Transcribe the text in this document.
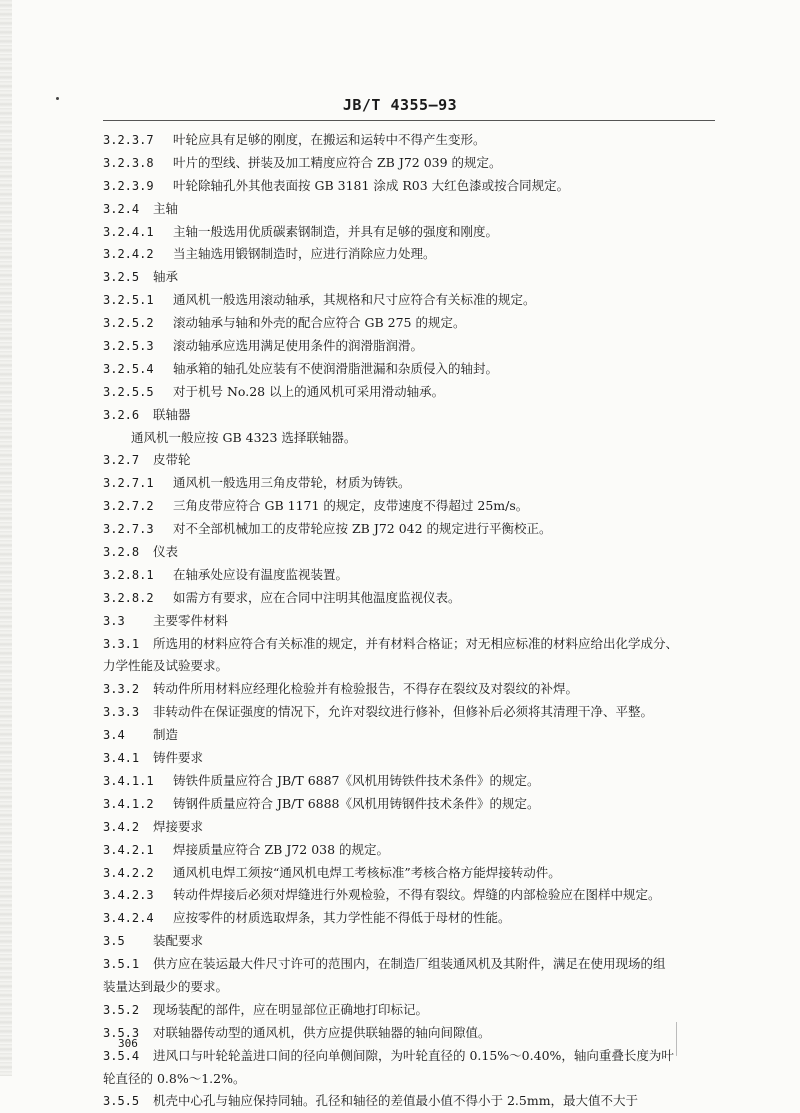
JB/T 4355—93
3.2.3.7 叶轮应具有足够的刚度，在搬运和运转中不得产生变形。
3.2.3.8 叶片的型线、拼装及加工精度应符合 ZB J72 039 的规定。
3.2.3.9 叶轮除轴孔外其他表面按 GB 3181 涂成 R03 大红色漆或按合同规定。
3.2.4 主轴
3.2.4.1 主轴一般选用优质碳素钢制造，并具有足够的强度和刚度。
3.2.4.2 当主轴选用锻钢制造时，应进行消除应力处理。
3.2.5 轴承
3.2.5.1 通风机一般选用滚动轴承，其规格和尺寸应符合有关标准的规定。
3.2.5.2 滚动轴承与轴和外壳的配合应符合 GB 275 的规定。
3.2.5.3 滚动轴承应选用满足使用条件的润滑脂润滑。
3.2.5.4 轴承箱的轴孔处应装有不使润滑脂泄漏和杂质侵入的轴封。
3.2.5.5 对于机号 No.28 以上的通风机可采用滑动轴承。
3.2.6 联轴器
通风机一般应按 GB 4323 选择联轴器。
3.2.7 皮带轮
3.2.7.1 通风机一般选用三角皮带轮，材质为铸铁。
3.2.7.2 三角皮带应符合 GB 1171 的规定，皮带速度不得超过 25m/s。
3.2.7.3 对不全部机械加工的皮带轮应按 ZB J72 042 的规定进行平衡校正。
3.2.8 仪表
3.2.8.1 在轴承处应设有温度监视装置。
3.2.8.2 如需方有要求，应在合同中注明其他温度监视仪表。
3.3 主要零件材料
3.3.1 所选用的材料应符合有关标准的规定，并有材料合格证；对无相应标准的材料应给出化学成分、
力学性能及试验要求。
3.3.2 转动件所用材料应经理化检验并有检验报告，不得存在裂纹及对裂纹的补焊。
3.3.3 非转动件在保证强度的情况下，允许对裂纹进行修补，但修补后必须将其清理干净、平整。
3.4 制造
3.4.1 铸件要求
3.4.1.1 铸铁件质量应符合 JB/T 6887《风机用铸铁件技术条件》的规定。
3.4.1.2 铸钢件质量应符合 JB/T 6888《风机用铸钢件技术条件》的规定。
3.4.2 焊接要求
3.4.2.1 焊接质量应符合 ZB J72 038 的规定。
3.4.2.2 通风机电焊工须按“通风机电焊工考核标准”考核合格方能焊接转动件。
3.4.2.3 转动件焊接后必须对焊缝进行外观检验，不得有裂纹。焊缝的内部检验应在图样中规定。
3.4.2.4 应按零件的材质选取焊条，其力学性能不得低于母材的性能。
3.5 装配要求
3.5.1 供方应在装运最大件尺寸许可的范围内，在制造厂组装通风机及其附件，满足在使用现场的组
装量达到最少的要求。
3.5.2 现场装配的部件，应在明显部位正确地打印标记。
3.5.3 对联轴器传动型的通风机，供方应提供联轴器的轴向间隙值。
3.5.4 进风口与叶轮轮盖进口间的径向单侧间隙，为叶轮直径的 0.15%～0.40%，轴向重叠长度为叶
轮直径的 0.8%～1.2%。
3.5.5 机壳中心孔与轴应保持同轴。孔径和轴径的差值最小值不得小于 2.5mm，最大值不大于
306
